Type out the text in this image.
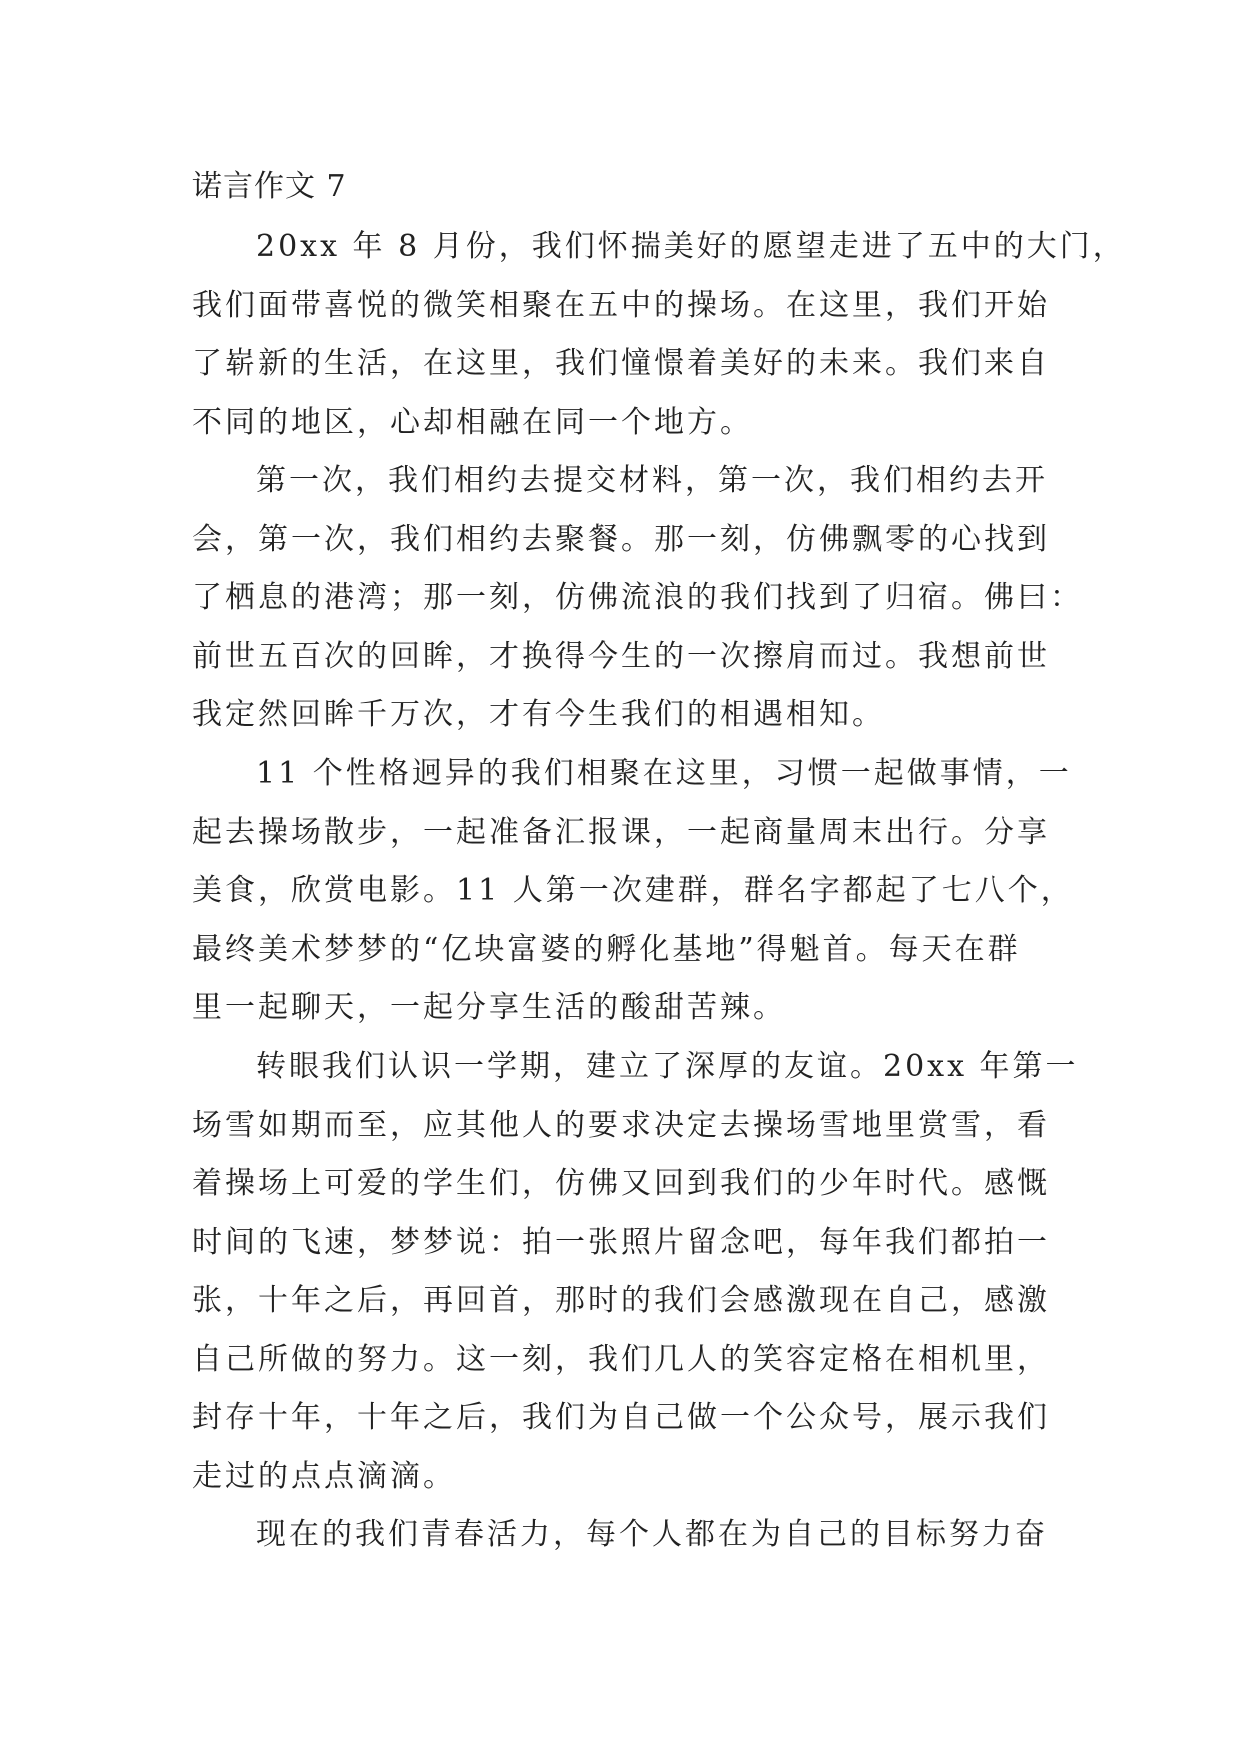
诺言作文 7

20xx 年 8 月份，我们怀揣美好的愿望走进了五中的大门，
我们面带喜悦的微笑相聚在五中的操场。在这里，我们开始
了崭新的生活，在这里，我们憧憬着美好的未来。我们来自
不同的地区，心却相融在同一个地方。

第一次，我们相约去提交材料，第一次，我们相约去开
会，第一次，我们相约去聚餐。那一刻，仿佛飘零的心找到
了栖息的港湾；那一刻，仿佛流浪的我们找到了归宿。佛曰：
前世五百次的回眸，才换得今生的一次擦肩而过。我想前世
我定然回眸千万次，才有今生我们的相遇相知。

11 个性格迥异的我们相聚在这里，习惯一起做事情，一
起去操场散步，一起准备汇报课，一起商量周末出行。分享
美食，欣赏电影。11 人第一次建群，群名字都起了七八个，
最终美术梦梦的“亿块富婆的孵化基地”得魁首。每天在群
里一起聊天，一起分享生活的酸甜苦辣。

转眼我们认识一学期，建立了深厚的友谊。20xx 年第一
场雪如期而至，应其他人的要求决定去操场雪地里赏雪，看
着操场上可爱的学生们，仿佛又回到我们的少年时代。感慨
时间的飞速，梦梦说：拍一张照片留念吧，每年我们都拍一
张，十年之后，再回首，那时的我们会感激现在自己，感激
自己所做的努力。这一刻，我们几人的笑容定格在相机里，
封存十年，十年之后，我们为自己做一个公众号，展示我们
走过的点点滴滴。

现在的我们青春活力，每个人都在为自己的目标努力奋
